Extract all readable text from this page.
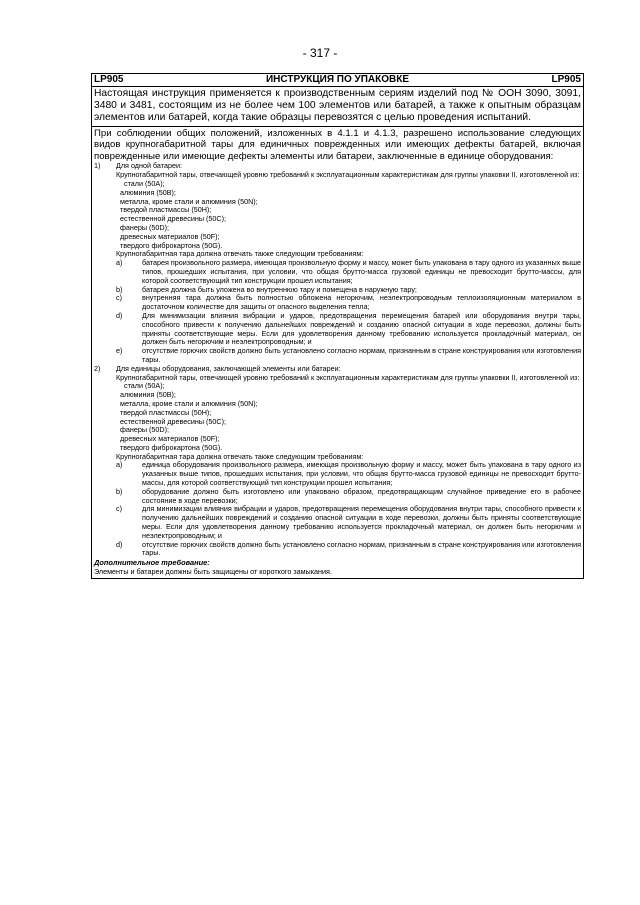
- 317 -
LP905	ИНСТРУКЦИЯ ПО УПАКОВКЕ	LP905
Настоящая инструкция применяется к производственным сериям изделий под № ООН 3090, 3091, 3480 и 3481, состоящим из не более чем 100 элементов или батарей, а также к опытным образцам элементов или батарей, когда такие образцы перевозятся с целью проведения испытаний.
При соблюдении общих положений, изложенных в 4.1.1 и 4.1.3, разрешено использование следующих видов крупногабаритной тары для единичных поврежденных или имеющих дефекты батарей, включая поврежденные или имеющие дефекты элементы или батареи, заключенные в единице оборудования:
1)	Для одной батареи:
Крупногабаритной тары, отвечающей уровню требований к эксплуатационным характеристикам для группы упаковки II, изготовленной из:
стали (50A);
алюминия (50B);
металла, кроме стали и алюминия (50N);
твердой пластмассы (50H);
естественной древесины (50C);
фанеры (50D);
древесных материалов (50F);
твердого фибрoкартона (50G).
Крупногабаритная тара должна отвечать также следующим требованиям:
a)	батарея произвольного размера, имеющая произвольную форму и массу, может быть упакована в тару одного из указанных выше типов, прошедших испытания, при условии, что общая брутто-масса грузовой единицы не превосходит брутто-массы, для которой соответствующий тип конструкции прошел испытания;
b)	батарея должна быть уложена во внутреннюю тару и помещена в наружную тару;
c)	внутренняя тара должна быть полностью обложена негорючим, неэлектропроводным теплоизоляционным материалом в достаточном количестве для защиты от опасного выделения тепла;
d)	Для минимизации влияния вибрации и ударов, предотвращения перемещения батарей или оборудования внутри тары, способного привести к получению дальнейших повреждений и созданию опасной ситуации в ходе перевозки, должны быть приняты соответствующие меры. Если для удовлетворения данному требованию используется прокладочный материал, он должен быть негорючим и неэлектропроводным; и
e)	отсутствие горючих свойств должно быть установлено согласно нормам, признанным в стране конструирования или изготовления тары.
2)	Для единицы оборудования, заключающей элементы или батареи:
Крупногабаритной тары, отвечающей уровню требований к эксплуатационным характеристикам для группы упаковки II, изготовленной из:
стали (50A);
алюминия (50B);
металла, кроме стали и алюминия (50N);
твердой пластмассы (50H);
естественной древесины (50C);
фанеры (50D);
древесных материалов (50F);
твердого фибрoкартона (50G).
Крупногабаритная тара должна отвечать также следующим требованиям:
a)	единица оборудования произвольного размера, имеющая произвольную форму и массу, может быть упакована в тару одного из указанных выше типов, прошедших испытания, при условии, что общая брутто-масса грузовой единицы не превосходит брутто-массы, для которой соответствующий тип конструкции прошел испытания;
b)	оборудование должно быть изготовлено или упаковано образом, предотвращающим случайное приведение его в рабочее состояние в ходе перевозки;
c)	для минимизации влияния вибрации и ударов, предотвращения перемещения оборудования внутри тары, способного привести к получению дальнейших повреждений и созданию опасной ситуации в ходе перевозки, должны быть приняты соответствующие меры. Если для удовлетворения данному требованию используется прокладочный материал, он должен быть негорючим и неэлектропроводным; и
d)	отсутствие горючих свойств должно быть установлено согласно нормам, признанным в стране конструирования или изготовления тары.
Дополнительное требование:
Элементы и батареи должны быть защищены от короткого замыкания.
